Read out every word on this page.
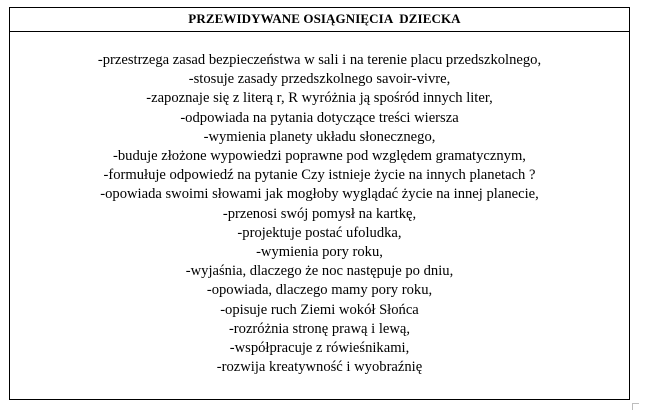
PRZEWIDYWANE OSIĄGNIĘCIA  DZIECKA
-przestrzega zasad bezpieczeństwa w sali i na terenie placu przedszkolnego,
-stosuje zasady przedszkolnego savoir-vivre,
-zapoznaje się z literą r, R wyróżnia ją spośród innych liter,
-odpowiada na pytania dotyczące treści wiersza
-wymienia planety układu słonecznego,
-buduje złożone wypowiedzi poprawne pod względem gramatycznym,
-formułuje odpowiedź na pytanie Czy istnieje życie na innych planetach ?
-opowiada swoimi słowami jak mogłoby wyglądać życie na innej planecie,
-przenosi swój pomysł na kartkę,
-projektuje postać ufoludka,
-wymienia pory roku,
-wyjaśnia, dlaczego że noc następuje po dniu,
-opowiada, dlaczego mamy pory roku,
-opisuje ruch Ziemi wokół Słońca
-rozróżnia stronę prawą i lewą,
-współpracuje z rówieśnikami,
-rozwija kreatywność i wyobraźnię
